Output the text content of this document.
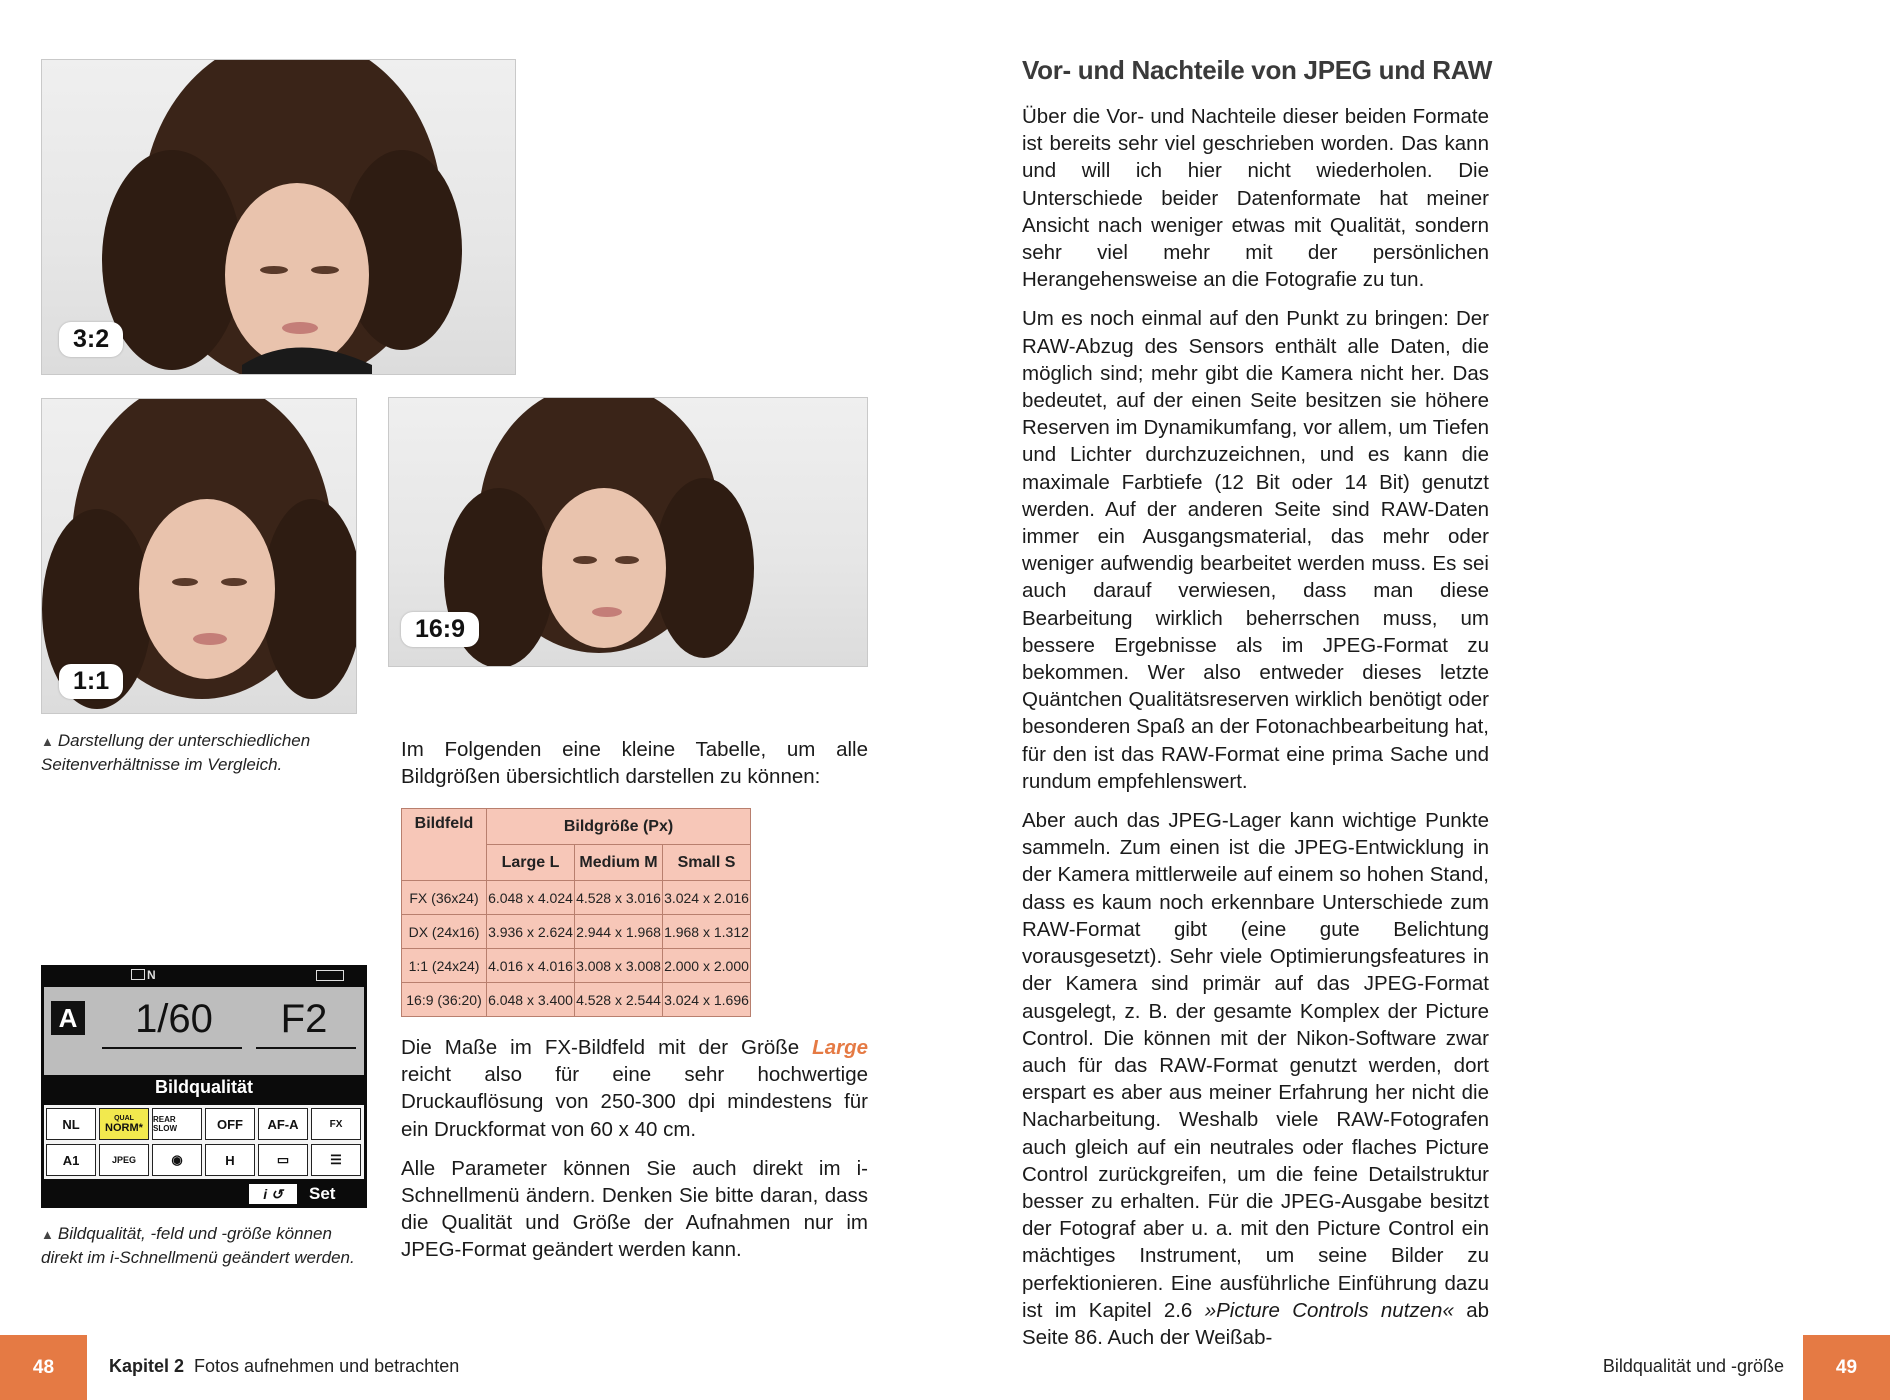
3:2
1:1
16:9
▲ Darstellung der unterschiedlichen Seitenverhältnisse im Vergleich.
Im Folgenden eine kleine Tabelle, um alle Bildgrößen übersichtlich darstellen zu können:
Bildfeld	Bildgröße (Px)		
	Large L	Medium M	Small S
FX (36x24)	6.048 x 4.024	4.528 x 3.016	3.024 x 2.016
DX (24x16)	3.936 x 2.624	2.944 x 1.968	1.968 x 1.312
1:1 (24x24)	4.016 x 4.016	3.008 x 3.008	2.000 x 2.000
16:9 (36:20)	6.048 x 3.400	4.528 x 2.544	3.024 x 1.696

Die Maße im FX-Bildfeld mit der Größe Large reicht also für eine sehr hochwertige Druckauflösung von 250-300 dpi mindestens für ein Druckformat von 60 x 40 cm.

Alle Parameter können Sie auch direkt im i-Schnellmenü ändern. Denken Sie bitte daran, dass die Qualität und Größe der Aufnahmen nur im JPEG-Format geändert werden kann.

N
A	1/60	F2
Bildqualität
NL	QUAL
NORM*
REAR SLOW	OFF	AF-A	FX
A1	JPEG	◉	H	▭	☰
i ↺	Set
▲ Bildqualität, -feld und -größe können direkt im i-Schnellmenü geändert werden.
48	Kapitel 2 Fotos aufnehmen und betrachten
Vor- und Nachteile von JPEG und RAW

Über die Vor- und Nachteile dieser beiden Formate ist bereits sehr viel geschrieben worden. Das kann und will ich hier nicht wiederholen. Die Unterschiede beider Datenformate hat meiner Ansicht nach weniger etwas mit Qualität, sondern sehr viel mehr mit der persönlichen Herangehensweise an die Fotografie zu tun.

Um es noch einmal auf den Punkt zu bringen: Der RAW-Abzug des Sensors enthält alle Daten, die möglich sind; mehr gibt die Kamera nicht her. Das bedeutet, auf der einen Seite besitzen sie höhere Reserven im Dynamikumfang, vor allem, um Tiefen und Lichter durchzuzeichnen, und es kann die maximale Farbtiefe (12 Bit oder 14 Bit) genutzt werden. Auf der anderen Seite sind RAW-Daten immer ein Ausgangsmaterial, das mehr oder weniger aufwendig bearbeitet werden muss. Es sei auch darauf verwiesen, dass man diese Bearbeitung wirklich beherrschen muss, um bessere Ergebnisse als im JPEG-Format zu bekommen. Wer also entweder dieses letzte Quäntchen Qualitätsreserven wirklich benötigt oder besonderen Spaß an der Fotonachbearbeitung hat, für den ist das RAW-Format eine prima Sache und rundum empfehlenswert.

Aber auch das JPEG-Lager kann wichtige Punkte sammeln. Zum einen ist die JPEG-Entwicklung in der Kamera mittlerweile auf einem so hohen Stand, dass es kaum noch erkennbare Unterschiede zum RAW-Format gibt (eine gute Belichtung vorausgesetzt). Sehr viele Optimierungsfeatures in der Kamera sind primär auf das JPEG-Format ausgelegt, z. B. der gesamte Komplex der Picture Control. Die können mit der Nikon-Software zwar auch für das RAW-Format genutzt werden, dort erspart es aber aus meiner Erfahrung her nicht die Nacharbeitung. Weshalb viele RAW-Fotografen auch gleich auf ein neutrales oder flaches Picture Control zurückgreifen, um die feine Detailstruktur besser zu erhalten. Für die JPEG-Ausgabe besitzt der Fotograf aber u. a. mit den Picture Control ein mächtiges Instrument, um seine Bilder zu perfektionieren. Eine ausführliche Einführung dazu ist im Kapitel 2.6 »Picture Controls nutzen« ab Seite 86. Auch der Weißab-

Bildqualität und -größe	49
